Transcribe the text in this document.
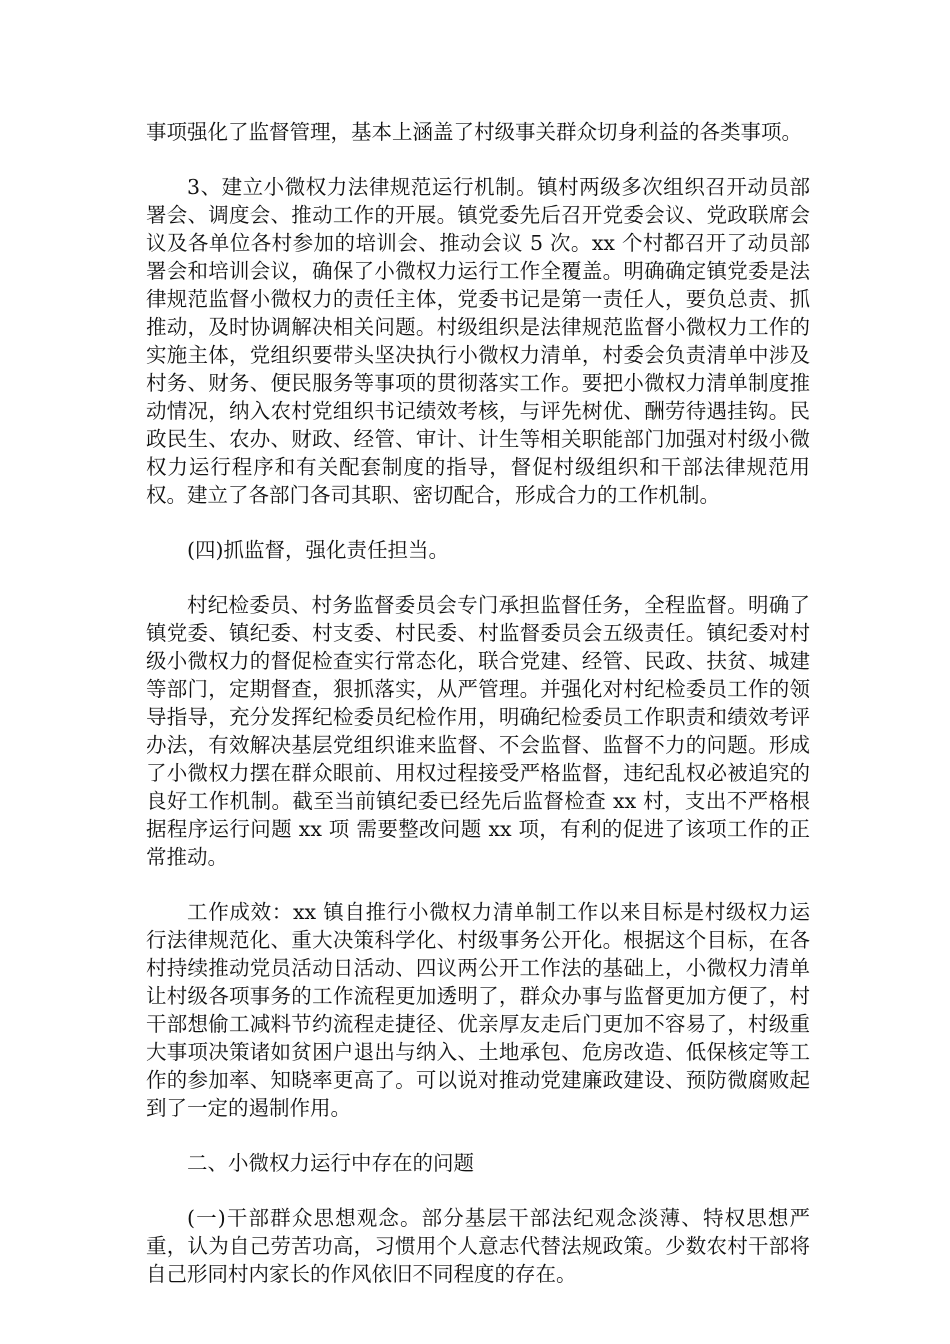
事项强化了监督管理，基本上涵盖了村级事关群众切身利益的各类事项。

3、建立小微权力法律规范运行机制。镇村两级多次组织召开动员部署会、调度会、推动工作的开展。镇党委先后召开党委会议、党政联席会议及各单位各村参加的培训会、推动会议 5 次。xx 个村都召开了动员部署会和培训会议，确保了小微权力运行工作全覆盖。明确确定镇党委是法律规范监督小微权力的责任主体，党委书记是第一责任人，要负总责、抓推动，及时协调解决相关问题。村级组织是法律规范监督小微权力工作的实施主体，党组织要带头坚决执行小微权力清单，村委会负责清单中涉及村务、财务、便民服务等事项的贯彻落实工作。要把小微权力清单制度推动情况，纳入农村党组织书记绩效考核，与评先树优、酬劳待遇挂钩。民政民生、农办、财政、经管、审计、计生等相关职能部门加强对村级小微权力运行程序和有关配套制度的指导，督促村级组织和干部法律规范用权。建立了各部门各司其职、密切配合，形成合力的工作机制。

(四)抓监督，强化责任担当。

村纪检委员、村务监督委员会专门承担监督任务，全程监督。明确了镇党委、镇纪委、村支委、村民委、村监督委员会五级责任。镇纪委对村级小微权力的督促检查实行常态化，联合党建、经管、民政、扶贫、城建等部门，定期督查，狠抓落实，从严管理。并强化对村纪检委员工作的领导指导，充分发挥纪检委员纪检作用，明确纪检委员工作职责和绩效考评办法，有效解决基层党组织谁来监督、不会监督、监督不力的问题。形成了小微权力摆在群众眼前、用权过程接受严格监督，违纪乱权必被追究的良好工作机制。截至当前镇纪委已经先后监督检查 xx 村，支出不严格根据程序运行问题 xx 项 需要整改问题 xx 项，有利的促进了该项工作的正常推动。

工作成效：xx 镇自推行小微权力清单制工作以来目标是村级权力运行法律规范化、重大决策科学化、村级事务公开化。根据这个目标，在各村持续推动党员活动日活动、四议两公开工作法的基础上，小微权力清单让村级各项事务的工作流程更加透明了，群众办事与监督更加方便了，村干部想偷工减料节约流程走捷径、优亲厚友走后门更加不容易了，村级重大事项决策诸如贫困户退出与纳入、土地承包、危房改造、低保核定等工作的参加率、知晓率更高了。可以说对推动党建廉政建设、预防微腐败起到了一定的遏制作用。

二、小微权力运行中存在的问题

(一)干部群众思想观念。部分基层干部法纪观念淡薄、特权思想严重，认为自己劳苦功高，习惯用个人意志代替法规政策。少数农村干部将自己形同村内家长的作风依旧不同程度的存在。
